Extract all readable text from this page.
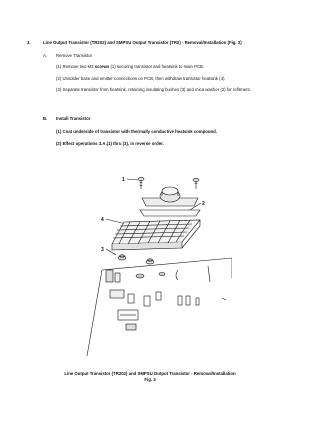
3.	Line Output Transistor (TR202) and SMPSU Output Transistor (TR2) - Removal/Installation (Fig. 3)
A. Remove Transistor
(1) Remove two M3 screws (1) securing transistor and heatsink to main PCB.
(2) Unsolder base and emitter connections on PCB, then withdraw transistor heatsink (4).
(3) Separate transistor from heatsink, retaining insulating bushes (3) and mica washer (2) for refitment.
B. Install Transistor
(1) Coat underside of transistor with thermally conductive heatsink compound.
(2) Effect operations 3.A.(1) thru (3), in reverse order.
1
2
4
3
Line Output Transistor (TR202) and SMPSU Output Transistor - Removal/Installation
Fig. 3
